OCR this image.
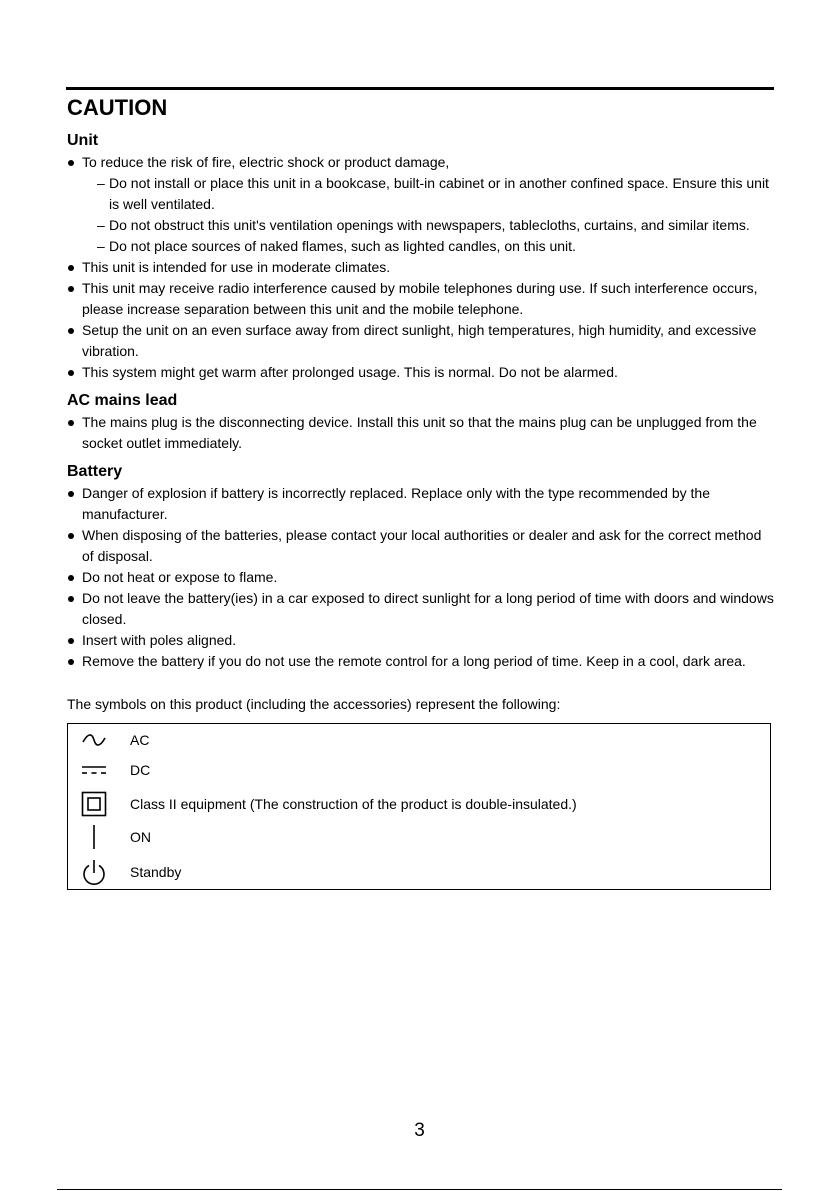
CAUTION
Unit
To reduce the risk of fire, electric shock or product damage,
– Do not install or place this unit in a bookcase, built-in cabinet or in another confined space. Ensure this unit is well ventilated.
– Do not obstruct this unit's ventilation openings with newspapers, tablecloths, curtains, and similar items.
– Do not place sources of naked flames, such as lighted candles, on this unit.
This unit is intended for use in moderate climates.
This unit may receive radio interference caused by mobile telephones during use. If such interference occurs, please increase separation between this unit and the mobile telephone.
Setup the unit on an even surface away from direct sunlight, high temperatures, high humidity, and excessive vibration.
This system might get warm after prolonged usage. This is normal. Do not be alarmed.
AC mains lead
The mains plug is the disconnecting device. Install this unit so that the mains plug can be unplugged from the socket outlet immediately.
Battery
Danger of explosion if battery is incorrectly replaced. Replace only with the type recommended by the manufacturer.
When disposing of the batteries, please contact your local authorities or dealer and ask for the correct method of disposal.
Do not heat or expose to flame.
Do not leave the battery(ies) in a car exposed to direct sunlight for a long period of time with doors and windows closed.
Insert with poles aligned.
Remove the battery if you do not use the remote control for a long period of time. Keep in a cool, dark area.

The symbols on this product (including the accessories) represent the following:

AC
DC
Class II equipment (The construction of the product is double-insulated.)
ON
Standby
3
